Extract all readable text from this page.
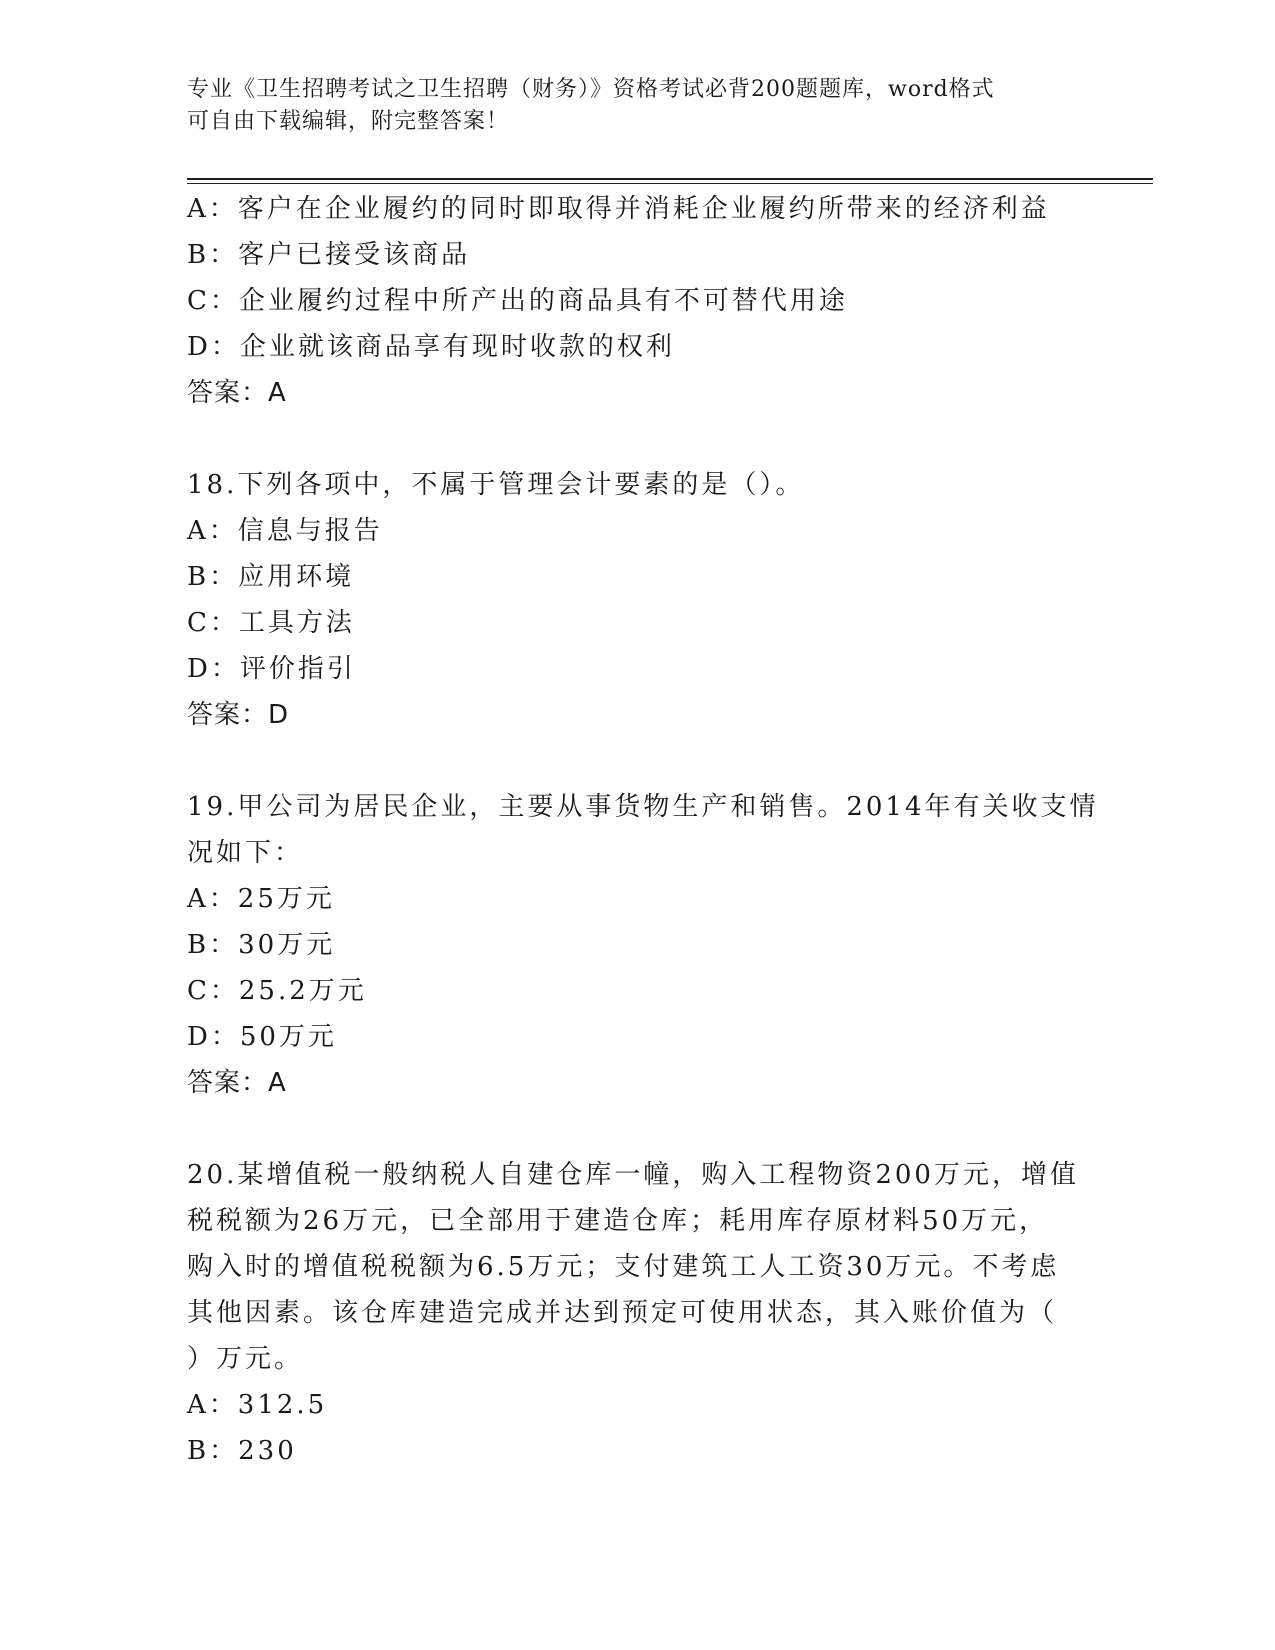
专业《卫生招聘考试之卫生招聘（财务）》资格考试必背200题题库，word格式
可自由下载编辑，附完整答案！
A：客户在企业履约的同时即取得并消耗企业履约所带来的经济利益
B：客户已接受该商品
C：企业履约过程中所产出的商品具有不可替代用途
D：企业就该商品享有现时收款的权利
答案：A
18.下列各项中，不属于管理会计要素的是（）。
A：信息与报告
B：应用环境
C：工具方法
D：评价指引
答案：D
19.甲公司为居民企业，主要从事货物生产和销售。2014年有关收支情
况如下：
A：25万元
B：30万元
C：25.2万元
D：50万元
答案：A
20.某增值税一般纳税人自建仓库一幢，购入工程物资200万元，增值
税税额为26万元，已全部用于建造仓库；耗用库存原材料50万元，
购入时的增值税税额为6.5万元；支付建筑工人工资30万元。不考虑
其他因素。该仓库建造完成并达到预定可使用状态，其入账价值为（
）万元。
A：312.5
B：230
